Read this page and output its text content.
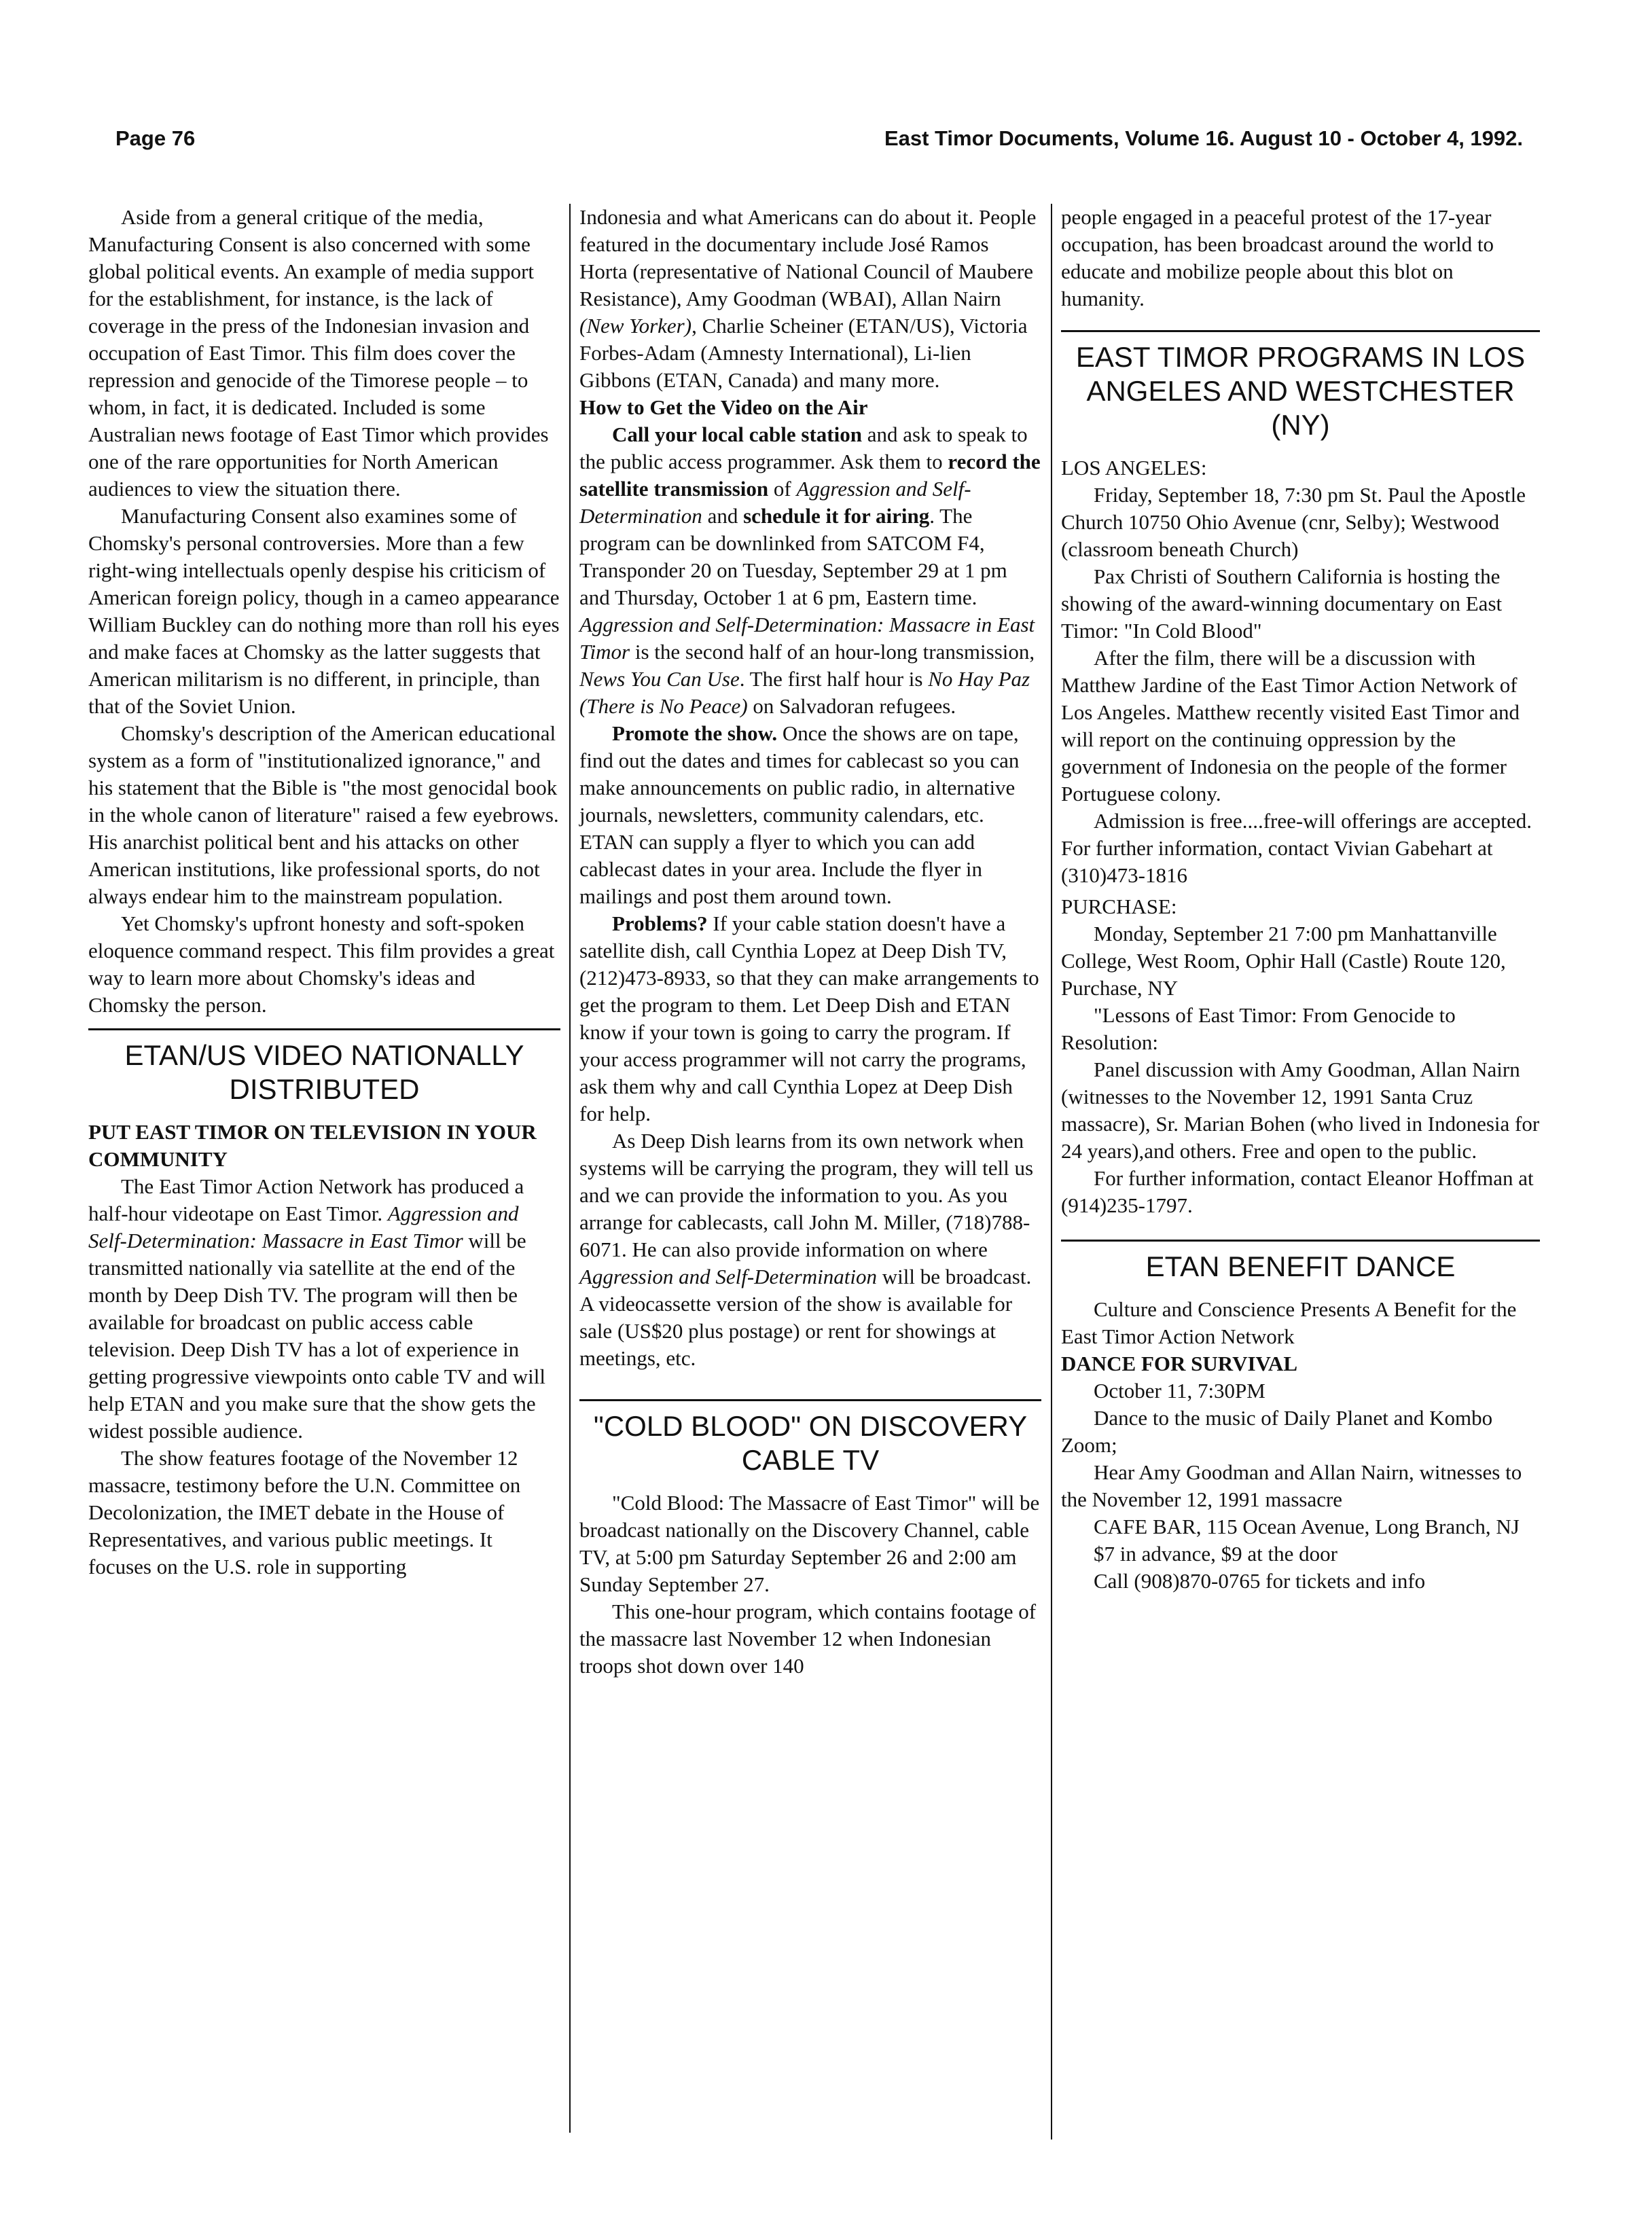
Page 76	East Timor Documents, Volume 16. August 10 - October 4, 1992.

Aside from a general critique of the media, Manufacturing Consent is also concerned with some global political events. An example of media support for the establishment, for instance, is the lack of coverage in the press of the Indonesian invasion and occupation of East Timor. This film does cover the repression and genocide of the Timorese people – to whom, in fact, it is dedicated. Included is some Australian news footage of East Timor which provides one of the rare opportunities for North American audiences to view the situation there.

Manufacturing Consent also examines some of Chomsky's personal controversies. More than a few right-wing intellectuals openly despise his criticism of American foreign policy, though in a cameo appearance William Buckley can do nothing more than roll his eyes and make faces at Chomsky as the latter suggests that American militarism is no different, in principle, than that of the Soviet Union.

Chomsky's description of the American educational system as a form of "institutionalized ignorance," and his statement that the Bible is "the most genocidal book in the whole canon of literature" raised a few eyebrows. His anarchist political bent and his attacks on other American institutions, like professional sports, do not always endear him to the mainstream population.

Yet Chomsky's upfront honesty and soft-spoken eloquence command respect. This film provides a great way to learn more about Chomsky's ideas and Chomsky the person.

ETAN/US VIDEO NATIONALLY DISTRIBUTED

PUT EAST TIMOR ON TELEVISION IN YOUR COMMUNITY

The East Timor Action Network has produced a half-hour videotape on East Timor. Aggression and Self-Determination: Massacre in East Timor will be transmitted nationally via satellite at the end of the month by Deep Dish TV. The program will then be available for broadcast on public access cable television. Deep Dish TV has a lot of experience in getting progressive viewpoints onto cable TV and will help ETAN and you make sure that the show gets the widest possible audience.

The show features footage of the November 12 massacre, testimony before the U.N. Committee on Decolonization, the IMET debate in the House of Representatives, and various public meetings. It focuses on the U.S. role in supporting

Indonesia and what Americans can do about it. People featured in the documentary include José Ramos Horta (representative of National Council of Maubere Resistance), Amy Goodman (WBAI), Allan Nairn (New Yorker), Charlie Scheiner (ETAN/US), Victoria Forbes-Adam (Amnesty International), Li-lien Gibbons (ETAN, Canada) and many more.

How to Get the Video on the Air

Call your local cable station and ask to speak to the public access programmer. Ask them to record the satellite transmission of Aggression and Self-Determination and schedule it for airing. The program can be downlinked from SATCOM F4, Transponder 20 on Tuesday, September 29 at 1 pm and Thursday, October 1 at 6 pm, Eastern time. Aggression and Self-Determination: Massacre in East Timor is the second half of an hour-long transmission, News You Can Use. The first half hour is No Hay Paz (There is No Peace) on Salvadoran refugees.

Promote the show. Once the shows are on tape, find out the dates and times for cablecast so you can make announcements on public radio, in alternative journals, newsletters, community calendars, etc. ETAN can supply a flyer to which you can add cablecast dates in your area. Include the flyer in mailings and post them around town.

Problems? If your cable station doesn't have a satellite dish, call Cynthia Lopez at Deep Dish TV, (212)473-8933, so that they can make arrangements to get the program to them. Let Deep Dish and ETAN know if your town is going to carry the program. If your access programmer will not carry the programs, ask them why and call Cynthia Lopez at Deep Dish for help.

As Deep Dish learns from its own network when systems will be carrying the program, they will tell us and we can provide the information to you. As you arrange for cablecasts, call John M. Miller, (718)788-6071. He can also provide information on where Aggression and Self-Determination will be broadcast. A videocassette version of the show is available for sale (US$20 plus postage) or rent for showings at meetings, etc.

"COLD BLOOD" ON DISCOVERY CABLE TV

"Cold Blood: The Massacre of East Timor" will be broadcast nationally on the Discovery Channel, cable TV, at 5:00 pm Saturday September 26 and 2:00 am Sunday September 27.

This one-hour program, which contains footage of the massacre last November 12 when Indonesian troops shot down over 140

people engaged in a peaceful protest of the 17-year occupation, has been broadcast around the world to educate and mobilize people about this blot on humanity.

EAST TIMOR PROGRAMS IN LOS ANGELES AND WESTCHESTER (NY)

LOS ANGELES:

Friday, September 18, 7:30 pm St. Paul the Apostle Church 10750 Ohio Avenue (cnr, Selby); Westwood (classroom beneath Church)

Pax Christi of Southern California is hosting the showing of the award-winning documentary on East Timor: "In Cold Blood"

After the film, there will be a discussion with Matthew Jardine of the East Timor Action Network of Los Angeles. Matthew recently visited East Timor and will report on the continuing oppression by the government of Indonesia on the people of the former Portuguese colony.

Admission is free....free-will offerings are accepted. For further information, contact Vivian Gabehart at (310)473-1816

PURCHASE:

Monday, September 21 7:00 pm Manhattanville College, West Room, Ophir Hall (Castle) Route 120, Purchase, NY

"Lessons of East Timor: From Genocide to Resolution:

Panel discussion with Amy Goodman, Allan Nairn (witnesses to the November 12, 1991 Santa Cruz massacre), Sr. Marian Bohen (who lived in Indonesia for 24 years),and others. Free and open to the public.

For further information, contact Eleanor Hoffman at (914)235-1797.

ETAN BENEFIT DANCE

Culture and Conscience Presents A Benefit for the East Timor Action Network

DANCE FOR SURVIVAL

October 11, 7:30PM

Dance to the music of Daily Planet and Kombo Zoom;

Hear Amy Goodman and Allan Nairn, witnesses to the November 12, 1991 massacre

CAFE BAR, 115 Ocean Avenue, Long Branch, NJ

$7 in advance, $9 at the door

Call (908)870-0765 for tickets and info
